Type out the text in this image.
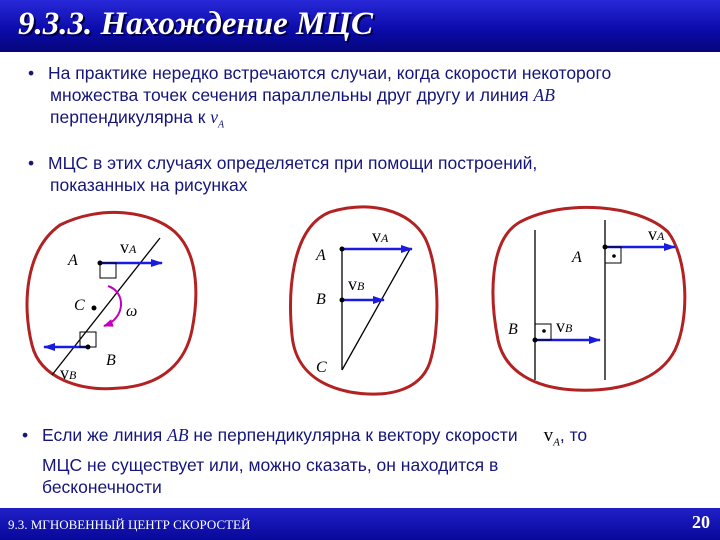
9.3.3. Нахождение МЦС
• На практике нередко встречаются случаи, когда скорости некоторого
множества точек сечения параллельны друг другу и линия AB
перпендикулярна к $v_A$
• МЦС в этих случаях определяется при помощи построений,
показанных на рисунках
A
C
B
ω
vA
vB
A
B
C
vA
vB
A
B
vA
vB
• Если же линия AB не перпендикулярна к вектору скорости $v_A$, то
МЦС не существует или, можно сказать, он находится в
бесконечности
9.3. МГНОВЕННЫЙ ЦЕНТР СКОРОСТЕЙ	20
